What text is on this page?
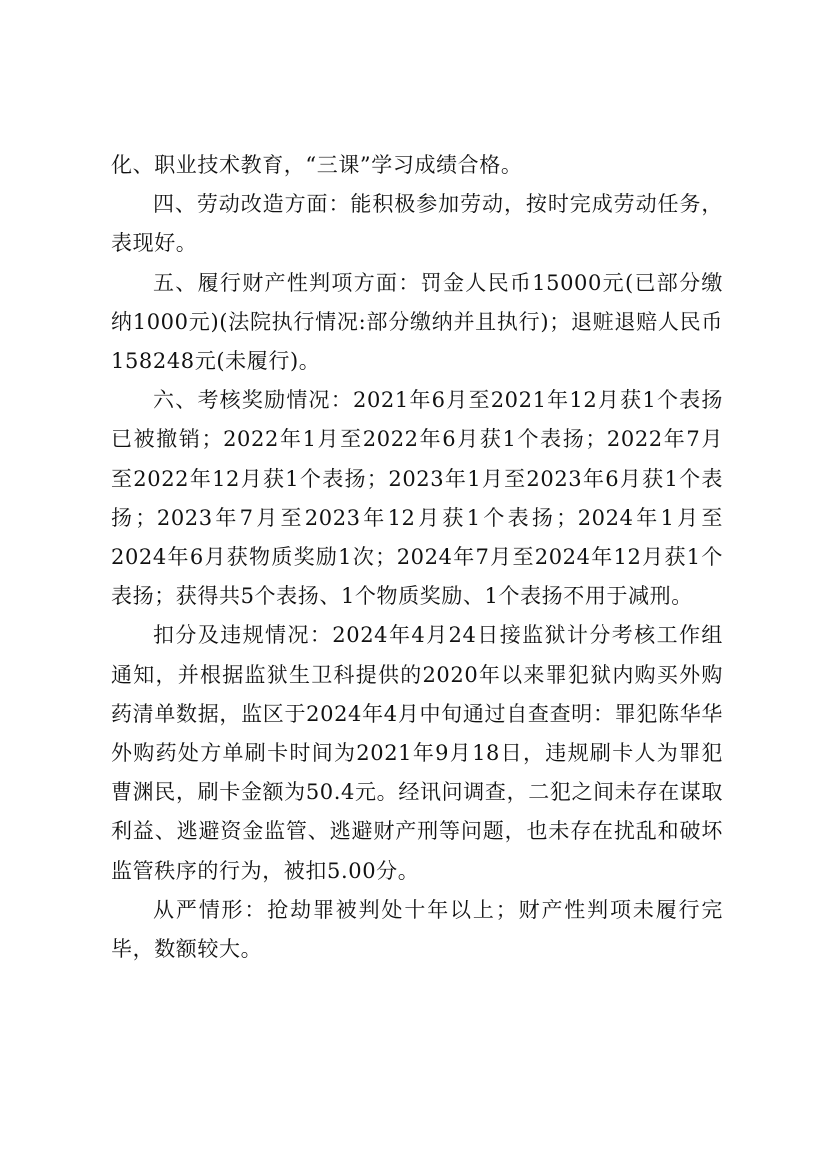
化、职业技术教育，“三课”学习成绩合格。

四、劳动改造方面：能积极参加劳动，按时完成劳动任务，表现好。

五、履行财产性判项方面：罚金人民币15000元(已部分缴纳1000元)(法院执行情况:部分缴纳并且执行)；退赃退赔人民币158248元(未履行)。

六、考核奖励情况：2021年6月至2021年12月获1个表扬已被撤销；2022年1月至2022年6月获1个表扬；2022年7月至2022年12月获1个表扬；2023年1月至2023年6月获1个表扬；2023年7月至2023年12月获1个表扬；2024年1月至2024年6月获物质奖励1次；2024年7月至2024年12月获1个表扬；获得共5个表扬、1个物质奖励、1个表扬不用于减刑。

扣分及违规情况：2024年4月24日接监狱计分考核工作组通知，并根据监狱生卫科提供的2020年以来罪犯狱内购买外购药清单数据，监区于2024年4月中旬通过自查查明：罪犯陈华华外购药处方单刷卡时间为2021年9月18日，违规刷卡人为罪犯曹渊民，刷卡金额为50.4元。经讯问调查，二犯之间未存在谋取利益、逃避资金监管、逃避财产刑等问题，也未存在扰乱和破坏监管秩序的行为，被扣5.00分。

从严情形：抢劫罪被判处十年以上；财产性判项未履行完毕，数额较大。
